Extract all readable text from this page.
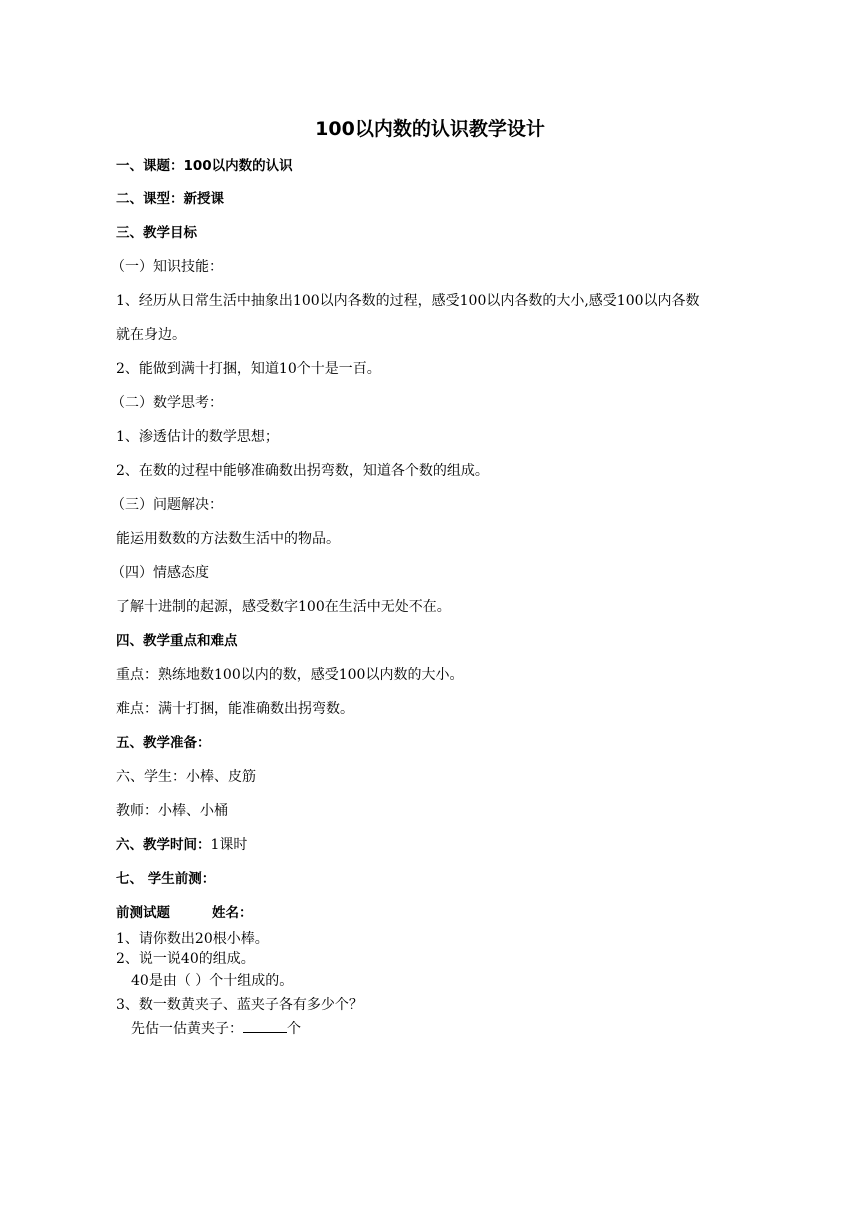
100以内数的认识教学设计
一、课题：100以内数的认识
二、课型：新授课
三、教学目标
（一）知识技能：
1、经历从日常生活中抽象出100以内各数的过程，感受100以内各数的大小,感受100以内各数
就在身边。
2、能做到满十打捆，知道10个十是一百。
（二）数学思考：
1、渗透估计的数学思想；
2、在数的过程中能够准确数出拐弯数，知道各个数的组成。
（三）问题解决：
能运用数数的方法数生活中的物品。
（四）情感态度
了解十进制的起源，感受数字100在生活中无处不在。
四、教学重点和难点
重点：熟练地数100以内的数，感受100以内数的大小。
难点：满十打捆，能准确数出拐弯数。
五、教学准备：
六、学生：小棒、皮筋
教师：小棒、小桶
六、教学时间：1课时
七、 学生前测：
前测试题	姓名：
1、请你数出20根小棒。
2、说一说40的组成。
40是由（ ）个十组成的。
3、数一数黄夹子、蓝夹子各有多少个？
先估一估黄夹子：	个
